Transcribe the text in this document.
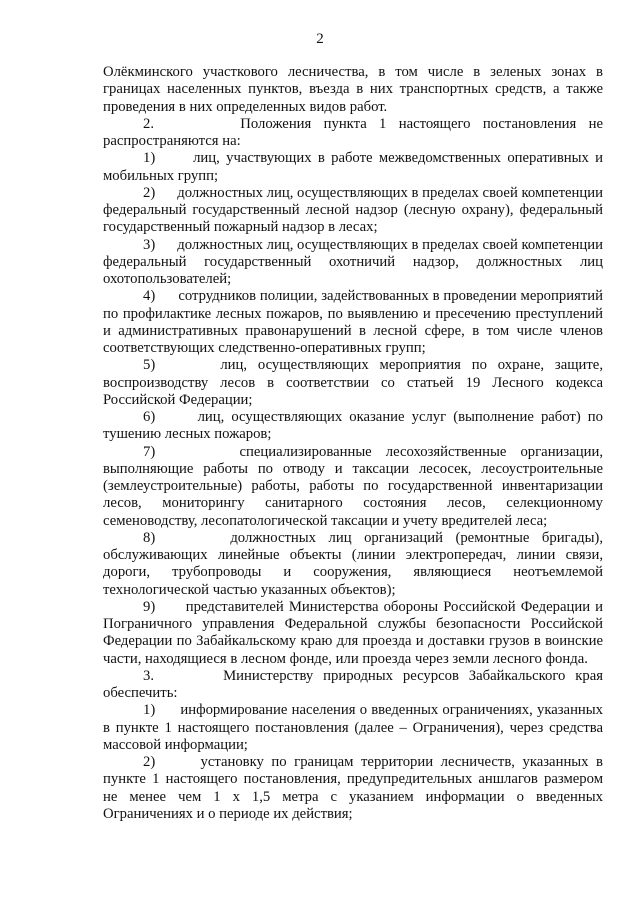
2

Олёкминского участкового лесничества, в том числе в зеленых зонах в границах населенных пунктов, въезда в них транспортных средств, а также проведения в них определенных видов работ.

2.       Положения пункта 1 настоящего постановления не распространяются на:

1)      лиц, участвующих в работе межведомственных оперативных и мобильных групп;

2)      должностных лиц, осуществляющих в пределах своей компетенции федеральный государственный лесной надзор (лесную охрану), федеральный государственный пожарный надзор в лесах;

3)      должностных лиц, осуществляющих в пределах своей компетенции федеральный государственный охотничий надзор, должностных лиц охотопользователей;

4)      сотрудников полиции, задействованных в проведении мероприятий по профилактике лесных пожаров, по выявлению и пресечению преступлений и административных правонарушений в лесной сфере, в том числе членов соответствующих следственно-оперативных групп;

5)      лиц, осуществляющих мероприятия по охране, защите, воспроизводству лесов в соответствии со статьей 19 Лесного кодекса Российской Федерации;

6)      лиц, осуществляющих оказание услуг (выполнение работ) по тушению лесных пожаров;

7)      специализированные лесохозяйственные организации, выполняющие работы по отводу и таксации лесосек, лесоустроительные (землеустроительные) работы, работы по государственной инвентаризации лесов, мониторингу санитарного состояния лесов, селекционному семеноводству, лесопатологической таксации и учету вредителей леса;

8)      должностных лиц организаций (ремонтные бригады), обслуживающих линейные объекты (линии электропередач, линии связи, дороги, трубопроводы и сооружения, являющиеся неотъемлемой технологической частью указанных объектов);

9)      представителей Министерства обороны Российской Федерации и Пограничного управления Федеральной службы безопасности Российской Федерации по Забайкальскому краю для проезда и доставки грузов в воинские части, находящиеся в лесном фонде, или проезда через земли лесного фонда.

3.       Министерству природных ресурсов Забайкальского края обеспечить:

1)      информирование населения о введенных ограничениях, указанных в пункте 1 настоящего постановления (далее – Ограничения), через средства массовой информации;

2)      установку по границам территории лесничеств, указанных в пункте 1 настоящего постановления, предупредительных аншлагов размером не менее чем 1 x 1,5 метра с указанием информации о введенных Ограничениях и о периоде их действия;
